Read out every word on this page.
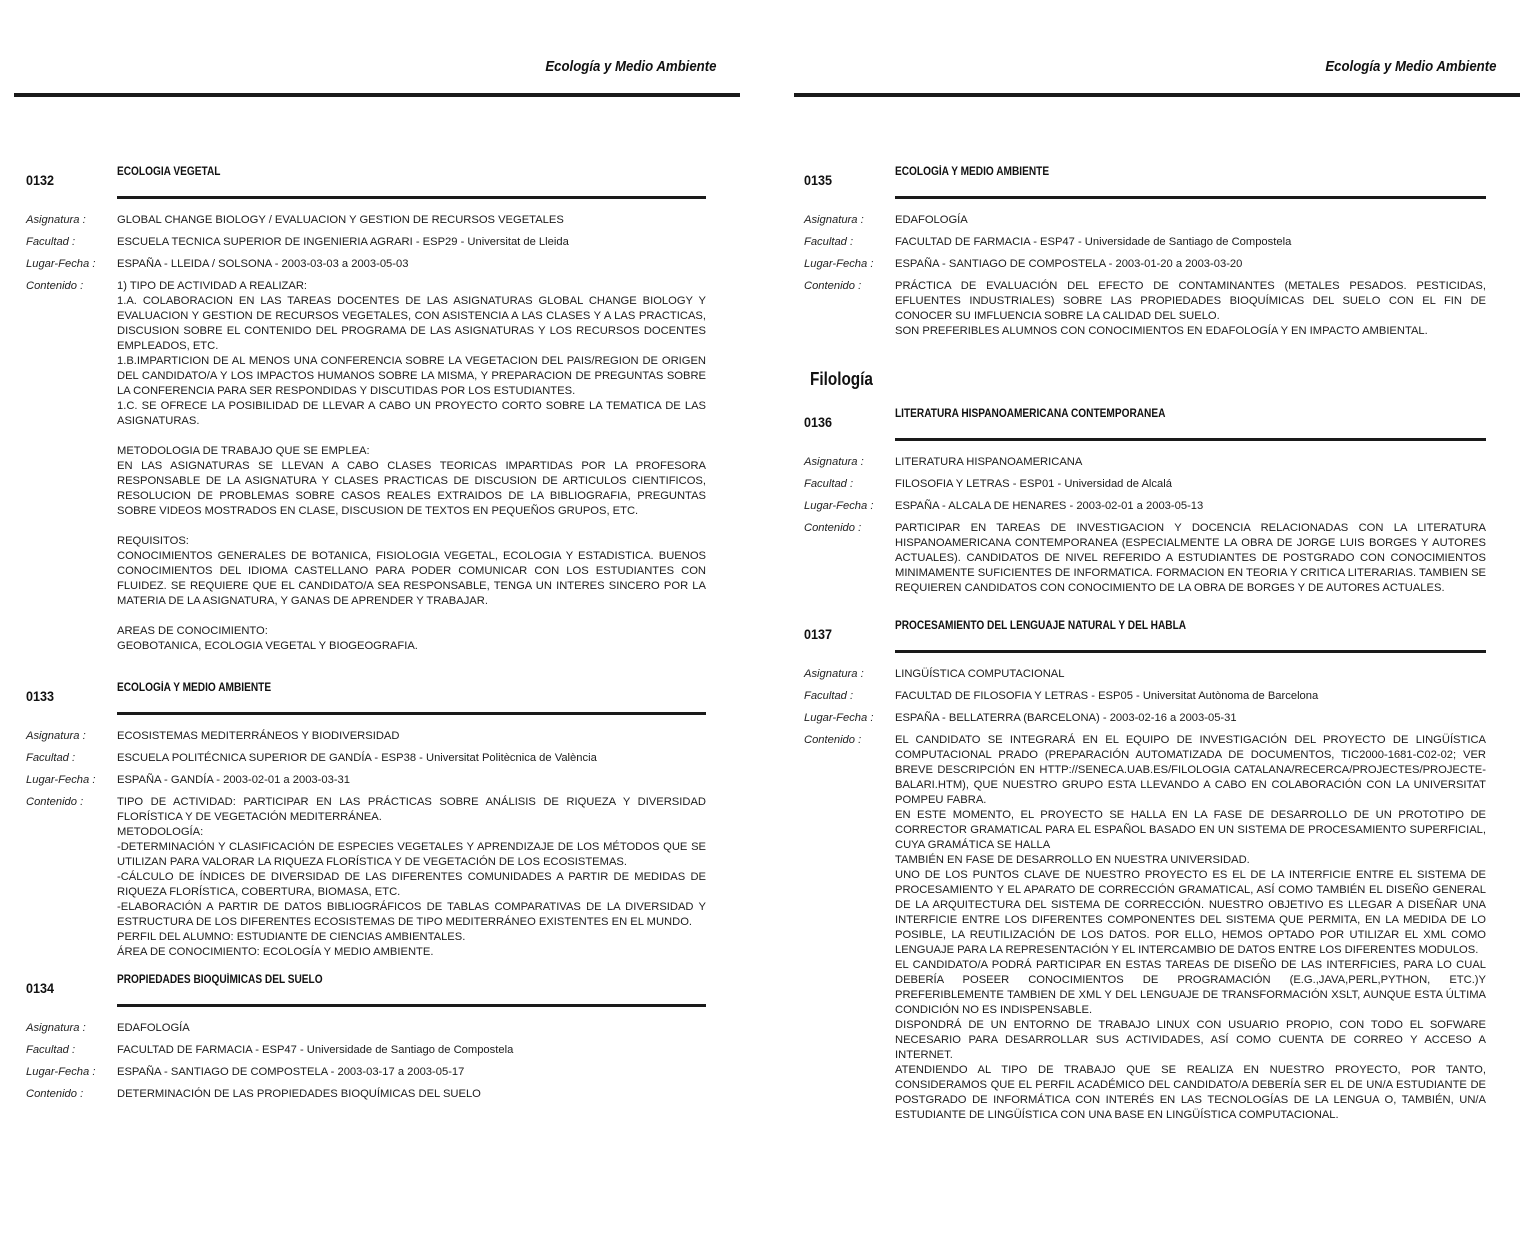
Ecología y Medio Ambiente
0132	ECOLOGIA VEGETAL
Asignatura :	GLOBAL CHANGE BIOLOGY / EVALUACION Y GESTION DE RECURSOS VEGETALES
Facultad :	ESCUELA TECNICA SUPERIOR DE INGENIERIA AGRARI - ESP29 - Universitat de Lleida
Lugar-Fecha :	ESPAÑA - LLEIDA / SOLSONA - 2003-03-03 a 2003-05-03
Contenido :	1) TIPO DE ACTIVIDAD A REALIZAR:
1.A. COLABORACION EN LAS TAREAS DOCENTES DE LAS ASIGNATURAS GLOBAL CHANGE BIOLOGY Y EVALUACION Y GESTION DE RECURSOS VEGETALES, CON ASISTENCIA A LAS CLASES Y A LAS PRACTICAS, DISCUSION SOBRE EL CONTENIDO DEL PROGRAMA DE LAS ASIGNATURAS Y LOS RECURSOS DOCENTES EMPLEADOS, ETC.
1.B.IMPARTICION DE AL MENOS UNA CONFERENCIA SOBRE LA VEGETACION DEL PAIS/REGION DE ORIGEN DEL CANDIDATO/A Y LOS IMPACTOS HUMANOS SOBRE LA MISMA, Y PREPARACION DE PREGUNTAS SOBRE LA CONFERENCIA PARA SER RESPONDIDAS Y DISCUTIDAS POR LOS ESTUDIANTES.
1.C. SE OFRECE LA POSIBILIDAD DE LLEVAR A CABO UN PROYECTO CORTO SOBRE LA TEMATICA DE LAS ASIGNATURAS.

METODOLOGIA DE TRABAJO QUE SE EMPLEA:
EN LAS ASIGNATURAS SE LLEVAN A CABO CLASES TEORICAS IMPARTIDAS POR LA PROFESORA RESPONSABLE DE LA ASIGNATURA Y CLASES PRACTICAS DE DISCUSION DE ARTICULOS CIENTIFICOS, RESOLUCION DE PROBLEMAS SOBRE CASOS REALES EXTRAIDOS DE LA BIBLIOGRAFIA, PREGUNTAS SOBRE VIDEOS MOSTRADOS EN CLASE, DISCUSION DE TEXTOS EN PEQUEÑOS GRUPOS, ETC.

REQUISITOS:
CONOCIMIENTOS GENERALES DE BOTANICA, FISIOLOGIA VEGETAL, ECOLOGIA Y ESTADISTICA. BUENOS CONOCIMIENTOS DEL IDIOMA CASTELLANO PARA PODER COMUNICAR CON LOS ESTUDIANTES CON FLUIDEZ. SE REQUIERE QUE EL CANDIDATO/A SEA RESPONSABLE, TENGA UN INTERES SINCERO POR LA MATERIA DE LA ASIGNATURA, Y GANAS DE APRENDER Y TRABAJAR.

AREAS DE CONOCIMIENTO:
GEOBOTANICA, ECOLOGIA VEGETAL Y BIOGEOGRAFIA.
0133	ECOLOGÍA Y MEDIO AMBIENTE
Asignatura :	ECOSISTEMAS MEDITERRÁNEOS Y BIODIVERSIDAD
Facultad :	ESCUELA POLITÉCNICA SUPERIOR DE GANDÍA - ESP38 - Universitat Politècnica de València
Lugar-Fecha :	ESPAÑA - GANDÍA - 2003-02-01 a 2003-03-31
Contenido :	TIPO DE ACTIVIDAD: PARTICIPAR EN LAS PRÁCTICAS SOBRE ANÁLISIS DE RIQUEZA Y DIVERSIDAD FLORÍSTICA Y DE VEGETACIÓN MEDITERRÁNEA.
METODOLOGÍA:
-DETERMINACIÓN Y CLASIFICACIÓN DE ESPECIES VEGETALES Y APRENDIZAJE DE LOS MÉTODOS QUE SE UTILIZAN PARA VALORAR LA RIQUEZA FLORÍSTICA Y DE VEGETACIÓN DE LOS ECOSISTEMAS.
-CÁLCULO DE ÍNDICES DE DIVERSIDAD DE LAS DIFERENTES COMUNIDADES A PARTIR DE MEDIDAS DE RIQUEZA FLORÍSTICA, COBERTURA, BIOMASA, ETC.
-ELABORACIÓN A PARTIR DE DATOS BIBLIOGRÁFICOS DE TABLAS COMPARATIVAS DE LA DIVERSIDAD Y ESTRUCTURA DE LOS DIFERENTES ECOSISTEMAS DE TIPO MEDITERRÁNEO EXISTENTES EN EL MUNDO.
PERFIL DEL ALUMNO: ESTUDIANTE DE CIENCIAS AMBIENTALES.
ÁREA DE CONOCIMIENTO: ECOLOGÍA Y MEDIO AMBIENTE.
0134	PROPIEDADES BIOQUÍMICAS DEL SUELO
Asignatura :	EDAFOLOGÍA
Facultad :	FACULTAD DE FARMACIA - ESP47 - Universidade de Santiago de Compostela
Lugar-Fecha :	ESPAÑA - SANTIAGO DE COMPOSTELA - 2003-03-17 a 2003-05-17
Contenido :	DETERMINACIÓN DE LAS PROPIEDADES BIOQUÍMICAS DEL SUELO
Ecología y Medio Ambiente
0135	ECOLOGÍA Y MEDIO AMBIENTE
Asignatura :	EDAFOLOGÍA
Facultad :	FACULTAD DE FARMACIA - ESP47 - Universidade de Santiago de Compostela
Lugar-Fecha :	ESPAÑA - SANTIAGO DE COMPOSTELA - 2003-01-20 a 2003-03-20
Contenido :	PRÁCTICA DE EVALUACIÓN DEL EFECTO DE CONTAMINANTES (METALES PESADOS. PESTICIDAS, EFLUENTES INDUSTRIALES) SOBRE LAS PROPIEDADES BIOQUÍMICAS DEL SUELO CON EL FIN DE CONOCER SU IMFLUENCIA SOBRE LA CALIDAD DEL SUELO.
SON PREFERIBLES ALUMNOS CON CONOCIMIENTOS EN EDAFOLOGÍA Y EN IMPACTO AMBIENTAL.
Filología
0136	LITERATURA HISPANOAMERICANA CONTEMPORANEA
Asignatura :	LITERATURA HISPANOAMERICANA
Facultad :	FILOSOFIA Y LETRAS - ESP01 - Universidad de Alcalá
Lugar-Fecha :	ESPAÑA - ALCALA DE HENARES - 2003-02-01 a 2003-05-13
Contenido :	PARTICIPAR EN TAREAS DE INVESTIGACION Y DOCENCIA RELACIONADAS CON LA LITERATURA HISPANOAMERICANA CONTEMPORANEA (ESPECIALMENTE LA OBRA DE JORGE LUIS BORGES Y AUTORES ACTUALES). CANDIDATOS DE NIVEL REFERIDO A ESTUDIANTES DE POSTGRADO CON CONOCIMIENTOS MINIMAMENTE SUFICIENTES DE INFORMATICA. FORMACION EN TEORIA Y CRITICA LITERARIAS. TAMBIEN SE REQUIEREN CANDIDATOS CON CONOCIMIENTO DE LA OBRA DE BORGES Y DE AUTORES ACTUALES.
0137	PROCESAMIENTO DEL LENGUAJE NATURAL Y DEL HABLA
Asignatura :	LINGÜÍSTICA COMPUTACIONAL
Facultad :	FACULTAD DE FILOSOFIA Y LETRAS - ESP05 - Universitat Autònoma de Barcelona
Lugar-Fecha :	ESPAÑA - BELLATERRA (BARCELONA) - 2003-02-16 a 2003-05-31
Contenido :	EL CANDIDATO SE INTEGRARÁ EN EL EQUIPO DE INVESTIGACIÓN DEL PROYECTO DE LINGÜÍSTICA COMPUTACIONAL PRADO (PREPARACIÓN AUTOMATIZADA DE DOCUMENTOS, TIC2000-1681-C02-02; VER BREVE DESCRIPCIÓN EN HTTP://SENECA.UAB.ES/FILOLOGIA CATALANA/RECERCA/PROJECTES/PROJECTE-BALARI.HTM), QUE NUESTRO GRUPO ESTA LLEVANDO A CABO EN COLABORACIÓN CON LA UNIVERSITAT POMPEU FABRA.
EN ESTE MOMENTO, EL PROYECTO SE HALLA EN LA FASE DE DESARROLLO DE UN PROTOTIPO DE CORRECTOR GRAMATICAL PARA EL ESPAÑOL BASADO EN UN SISTEMA DE PROCESAMIENTO SUPERFICIAL, CUYA GRAMÁTICA SE HALLA
TAMBIÉN EN FASE DE DESARROLLO EN NUESTRA UNIVERSIDAD.
UNO DE LOS PUNTOS CLAVE DE NUESTRO PROYECTO ES EL DE LA INTERFICIE ENTRE EL SISTEMA DE PROCESAMIENTO Y EL APARATO DE CORRECCIÓN GRAMATICAL, ASÍ COMO TAMBIÉN EL DISEÑO GENERAL DE LA ARQUITECTURA DEL SISTEMA DE CORRECCIÓN. NUESTRO OBJETIVO ES LLEGAR A DISEÑAR UNA INTERFICIE ENTRE LOS DIFERENTES COMPONENTES DEL SISTEMA QUE PERMITA, EN LA MEDIDA DE LO POSIBLE, LA REUTILIZACIÓN DE LOS DATOS. POR ELLO, HEMOS OPTADO POR UTILIZAR EL XML COMO LENGUAJE PARA LA REPRESENTACIÓN Y EL INTERCAMBIO DE DATOS ENTRE LOS DIFERENTES MODULOS.
EL CANDIDATO/A PODRÁ PARTICIPAR EN ESTAS TAREAS DE DISEÑO DE LAS INTERFICIES, PARA LO CUAL DEBERÍA POSEER CONOCIMIENTOS DE PROGRAMACIÓN (E.G.,JAVA,PERL,PYTHON, ETC.)Y PREFERIBLEMENTE TAMBIEN DE XML Y DEL LENGUAJE DE TRANSFORMACIÓN XSLT, AUNQUE ESTA ÚLTIMA CONDICIÓN NO ES INDISPENSABLE.
DISPONDRÁ DE UN ENTORNO DE TRABAJO LINUX CON USUARIO PROPIO, CON TODO EL SOFWARE NECESARIO PARA DESARROLLAR SUS ACTIVIDADES, ASÍ COMO CUENTA DE CORREO Y ACCESO A INTERNET.
ATENDIENDO AL TIPO DE TRABAJO QUE SE REALIZA EN NUESTRO PROYECTO, POR TANTO, CONSIDERAMOS QUE EL PERFIL ACADÉMICO DEL CANDIDATO/A DEBERÍA SER EL DE UN/A ESTUDIANTE DE POSTGRADO DE INFORMÁTICA CON INTERÉS EN LAS TECNOLOGÍAS DE LA LENGUA O, TAMBIÉN, UN/A ESTUDIANTE DE LINGÜÍSTICA CON UNA BASE EN LINGÜÍSTICA COMPUTACIONAL.
